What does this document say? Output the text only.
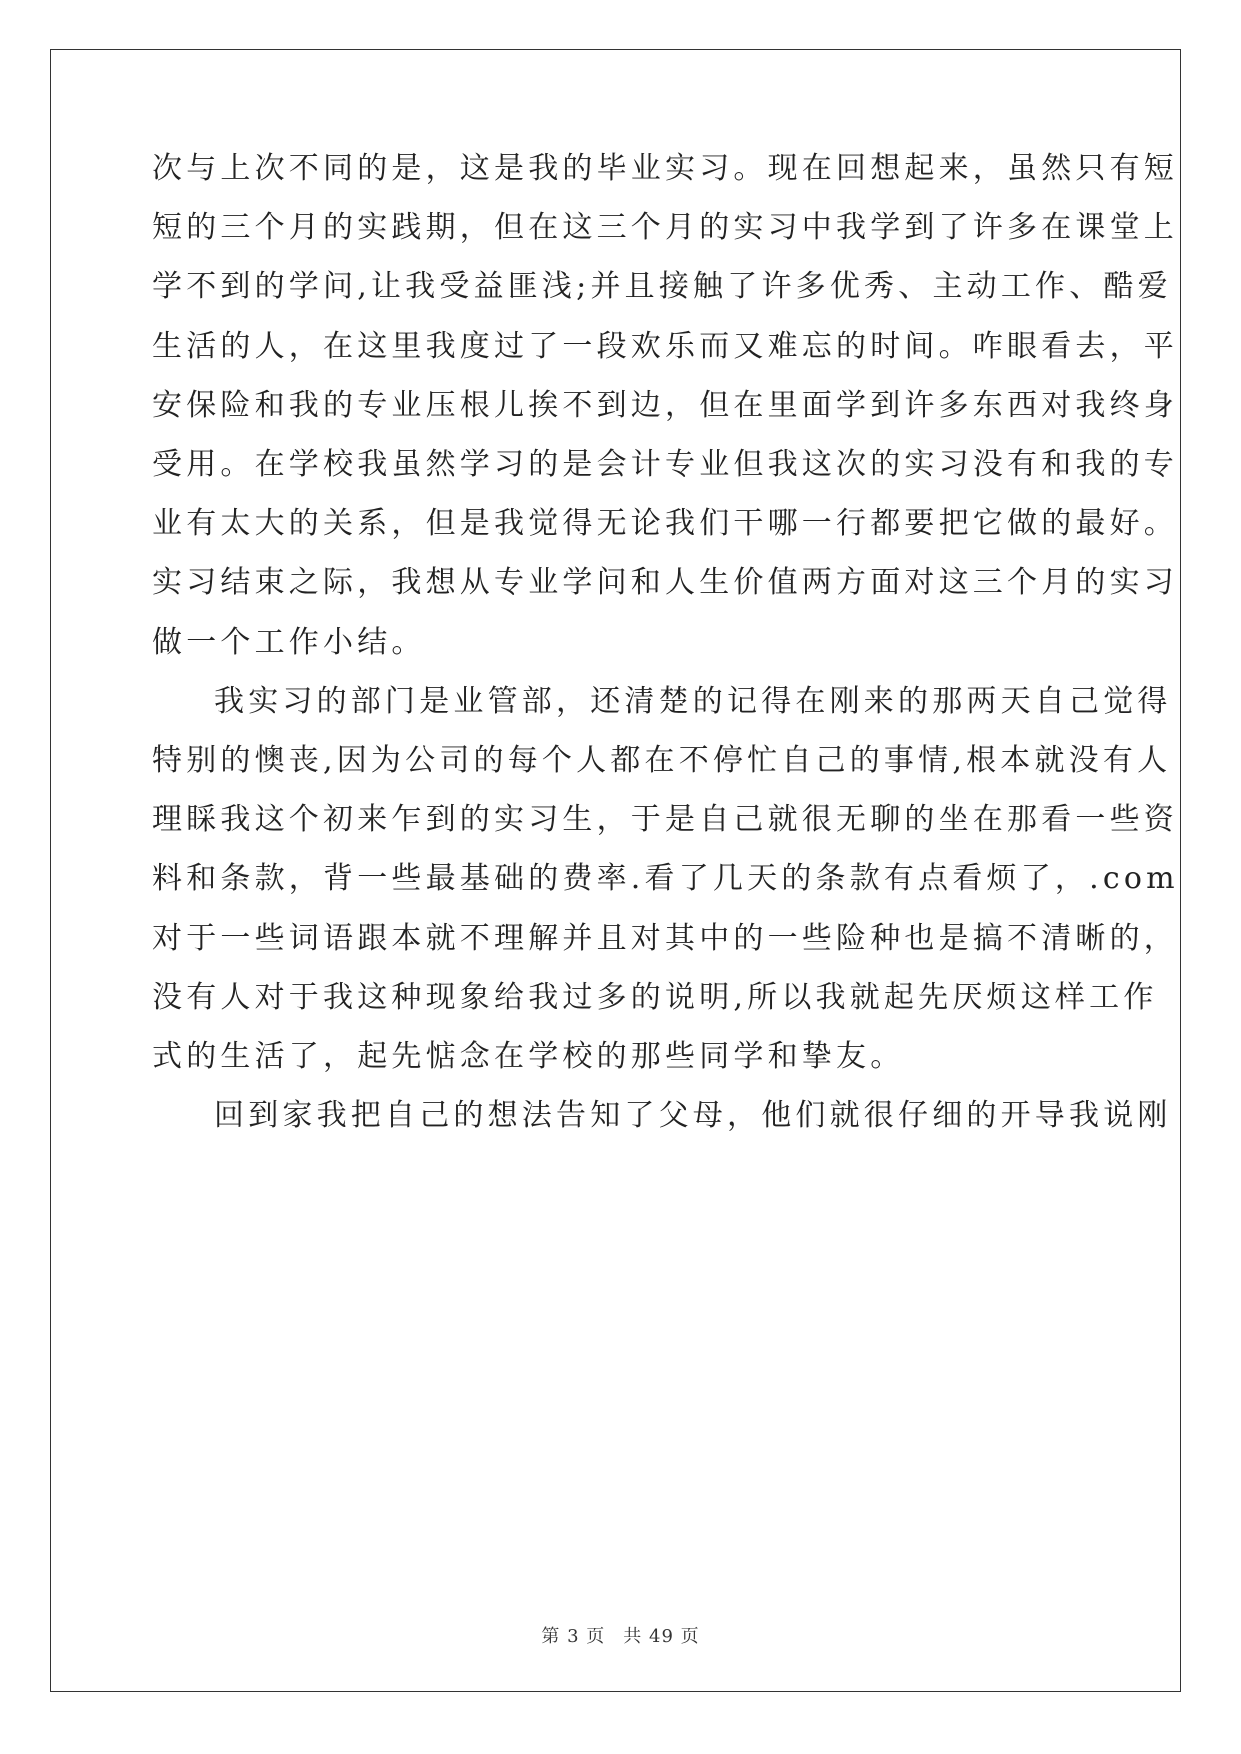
次与上次不同的是，这是我的毕业实习。现在回想起来，虽然只有短
短的三个月的实践期，但在这三个月的实习中我学到了许多在课堂上
学不到的学问,让我受益匪浅;并且接触了许多优秀、主动工作、酷爱
生活的人，在这里我度过了一段欢乐而又难忘的时间。咋眼看去，平
安保险和我的专业压根儿挨不到边，但在里面学到许多东西对我终身
受用。在学校我虽然学习的是会计专业但我这次的实习没有和我的专
业有太大的关系，但是我觉得无论我们干哪一行都要把它做的最好。
实习结束之际，我想从专业学问和人生价值两方面对这三个月的实习
做一个工作小结。
我实习的部门是业管部，还清楚的记得在刚来的那两天自己觉得
特别的懊丧,因为公司的每个人都在不停忙自己的事情,根本就没有人
理睬我这个初来乍到的实习生，于是自己就很无聊的坐在那看一些资
料和条款，背一些最基础的费率.看了几天的条款有点看烦了，.com
对于一些词语跟本就不理解并且对其中的一些险种也是搞不清晰的，
没有人对于我这种现象给我过多的说明,所以我就起先厌烦这样工作
式的生活了，起先惦念在学校的那些同学和挚友。
回到家我把自己的想法告知了父母，他们就很仔细的开导我说刚
第 3 页 共 49 页
